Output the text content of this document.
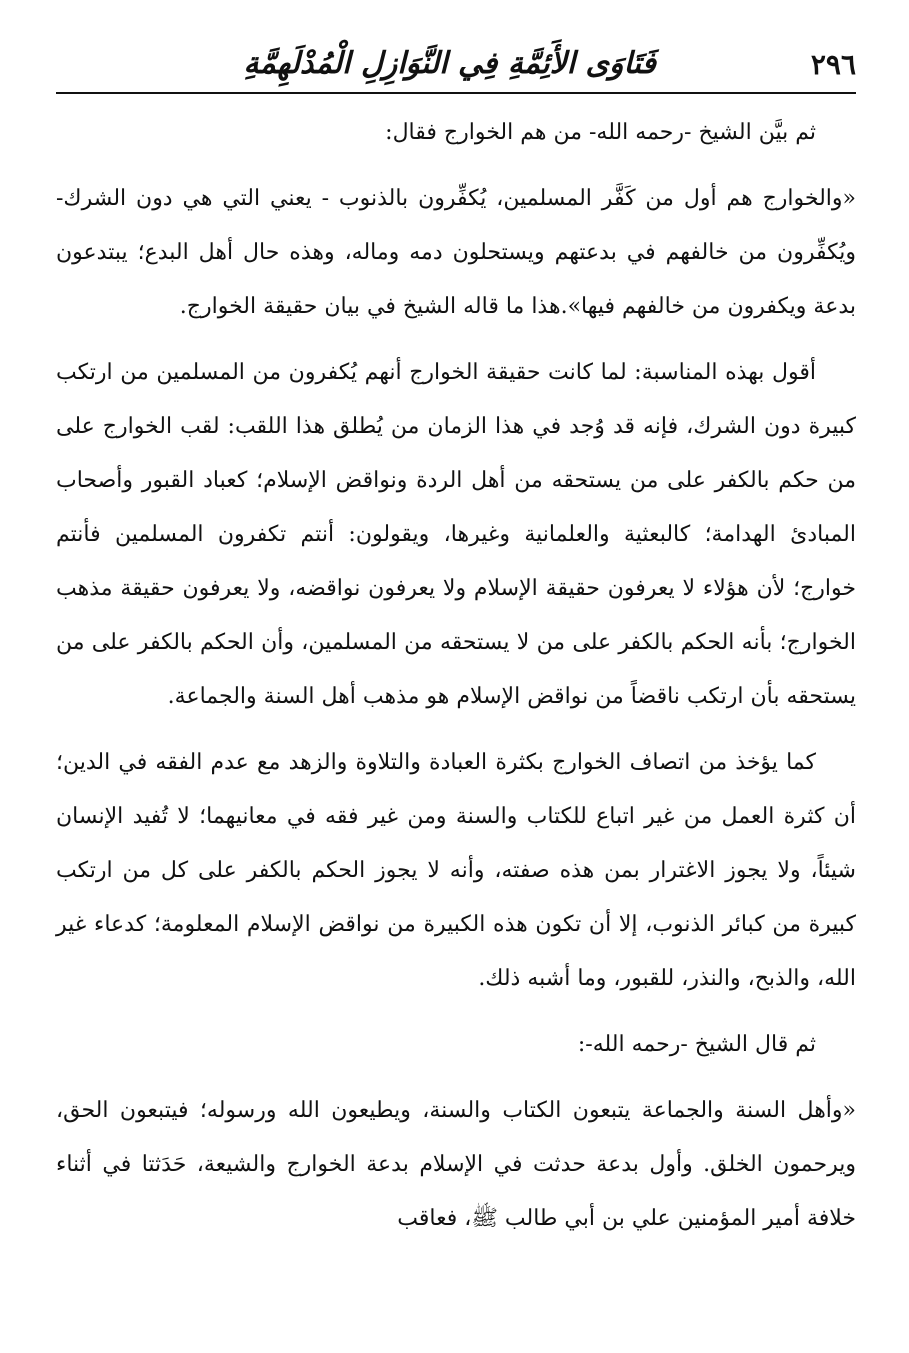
٢٩٦
فَتَاوَى الأَئِمَّةِ فِي النَّوَازِلِ الْمُدْلَهِمَّةِ

ثم بيَّن الشيخ -رحمه الله- من هم الخوارج فقال:

«والخوارج هم أول من كَفَّر المسلمين، يُكفِّرون بالذنوب - يعني التي هي دون الشرك- ويُكفِّرون من خالفهم في بدعتهم ويستحلون دمه وماله، وهذه حال أهل البدع؛ يبتدعون بدعة ويكفرون من خالفهم فيها».هذا ما قاله الشيخ في بيان حقيقة الخوارج.

أقول بهذه المناسبة: لما كانت حقيقة الخوارج أنهم يُكفرون من المسلمين من ارتكب كبيرة دون الشرك، فإنه قد وُجد في هذا الزمان من يُطلق هذا اللقب: لقب الخوارج على من حكم بالكفر على من يستحقه من أهل الردة ونواقض الإسلام؛ كعباد القبور وأصحاب المبادئ الهدامة؛ كالبعثية والعلمانية وغيرها، ويقولون: أنتم تكفرون المسلمين فأنتم خوارج؛ لأن هؤلاء لا يعرفون حقيقة الإسلام ولا يعرفون نواقضه، ولا يعرفون حقيقة مذهب الخوارج؛ بأنه الحكم بالكفر على من لا يستحقه من المسلمين، وأن الحكم بالكفر على من يستحقه بأن ارتكب ناقضاً من نواقض الإسلام هو مذهب أهل السنة والجماعة.

كما يؤخذ من اتصاف الخوارج بكثرة العبادة والتلاوة والزهد مع عدم الفقه في الدين؛ أن كثرة العمل من غير اتباع للكتاب والسنة ومن غير فقه في معانيهما؛ لا تُفيد الإنسان شيئاً، ولا يجوز الاغترار بمن هذه صفته، وأنه لا يجوز الحكم بالكفر على كل من ارتكب كبيرة من كبائر الذنوب، إلا أن تكون هذه الكبيرة من نواقض الإسلام المعلومة؛ كدعاء غير الله، والذبح، والنذر، للقبور، وما أشبه ذلك.

ثم قال الشيخ -رحمه الله-:

«وأهل السنة والجماعة يتبعون الكتاب والسنة، ويطيعون الله ورسوله؛ فيتبعون الحق، ويرحمون الخلق. وأول بدعة حدثت في الإسلام بدعة الخوارج والشيعة، حَدَثتا في أثناء خلافة أمير المؤمنين علي بن أبي طالب ﷺ، فعاقب
